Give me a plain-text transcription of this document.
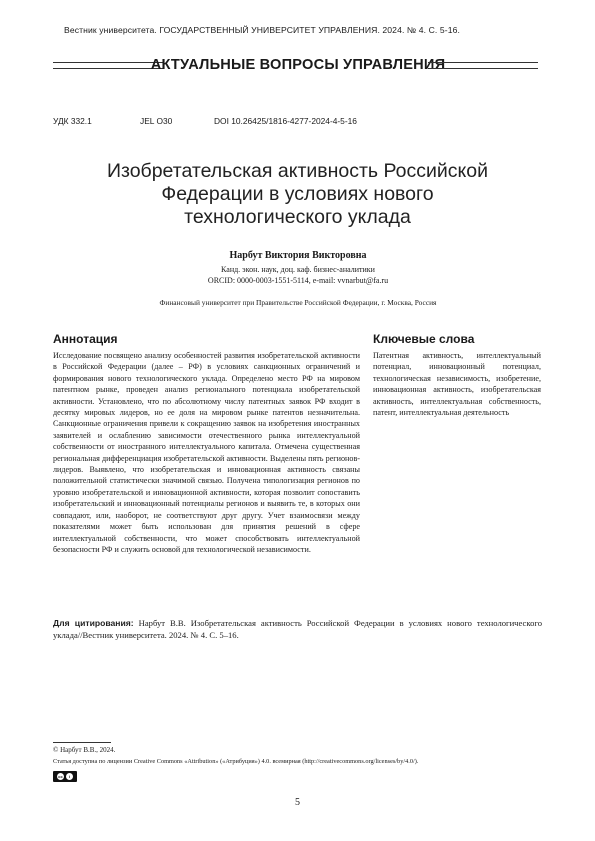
Вестник университета. ГОСУДАРСТВЕННЫЙ УНИВЕРСИТЕТ УПРАВЛЕНИЯ. 2024. № 4. С. 5-16.
АКТУАЛЬНЫЕ ВОПРОСЫ УПРАВЛЕНИЯ
УДК 332.1	JEL O30	DOI 10.26425/1816-4277-2024-4-5-16
Изобретательская активность Российской Федерации в условиях нового технологического уклада
Нарбут Виктория Викторовна
Канд. экон. наук, доц. каф. бизнес-аналитики
ORCID: 0000-0003-1551-5114, e-mail: vvnarbut@fa.ru
Финансовый университет при Правительстве Российской Федерации, г. Москва, Россия
Аннотация	Ключевые слова
Исследование посвящено анализу особенностей развития изобретательской активности в Российской Федерации (далее – РФ) в условиях санкционных ограничений и формирования нового технологического уклада. Определено место РФ на мировом патентном рынке, проведен анализ регионального потенциала изобретательской активности. Установлено, что по абсолютному числу патентных заявок РФ входит в десятку мировых лидеров, но ее доля на мировом рынке патентов незначительна. Санкционные ограничения привели к сокращению заявок на изобретения иностранных заявителей и ослаблению зависимости отечественного рынка интеллектуальной собственности от иностранного интеллектуального капитала. Отмечена существенная региональная дифференциация изобретательской активности. Выделены пять регионов-лидеров. Выявлено, что изобретательская и инновационная активность связаны положительной статистически значимой связью. Получена типологизация регионов по уровню изобретательской и инновационной активности, которая позволит сопоставить изобретательский и инновационный потенциалы регионов и выявить те, в которых они совпадают, или, наоборот, не соответствуют друг другу. Учет взаимосвязи между показателями может быть использован для принятия решений в сфере интеллектуальной собственности, что может способствовать интеллектуальной безопасности РФ и служить основой для технологической независимости.
Патентная активность, интеллектуальный потенциал, инновационный потенциал, технологическая независимость, изобретение, инновационная активность, изобретательская активность, интеллектуальная собственность, патент, интеллектуальная деятельность
Для цитирования: Нарбут В.В. Изобретательская активность Российской Федерации в условиях нового технологического уклада//Вестник университета. 2024. № 4. С. 5–16.
© Нарбут В.В., 2024.
Статья доступна по лицензии Creative Commons «Attribution» («Атрибуция») 4.0. всемирная (http://creativecommons.org/licenses/by/4.0/).
cc	i
5
